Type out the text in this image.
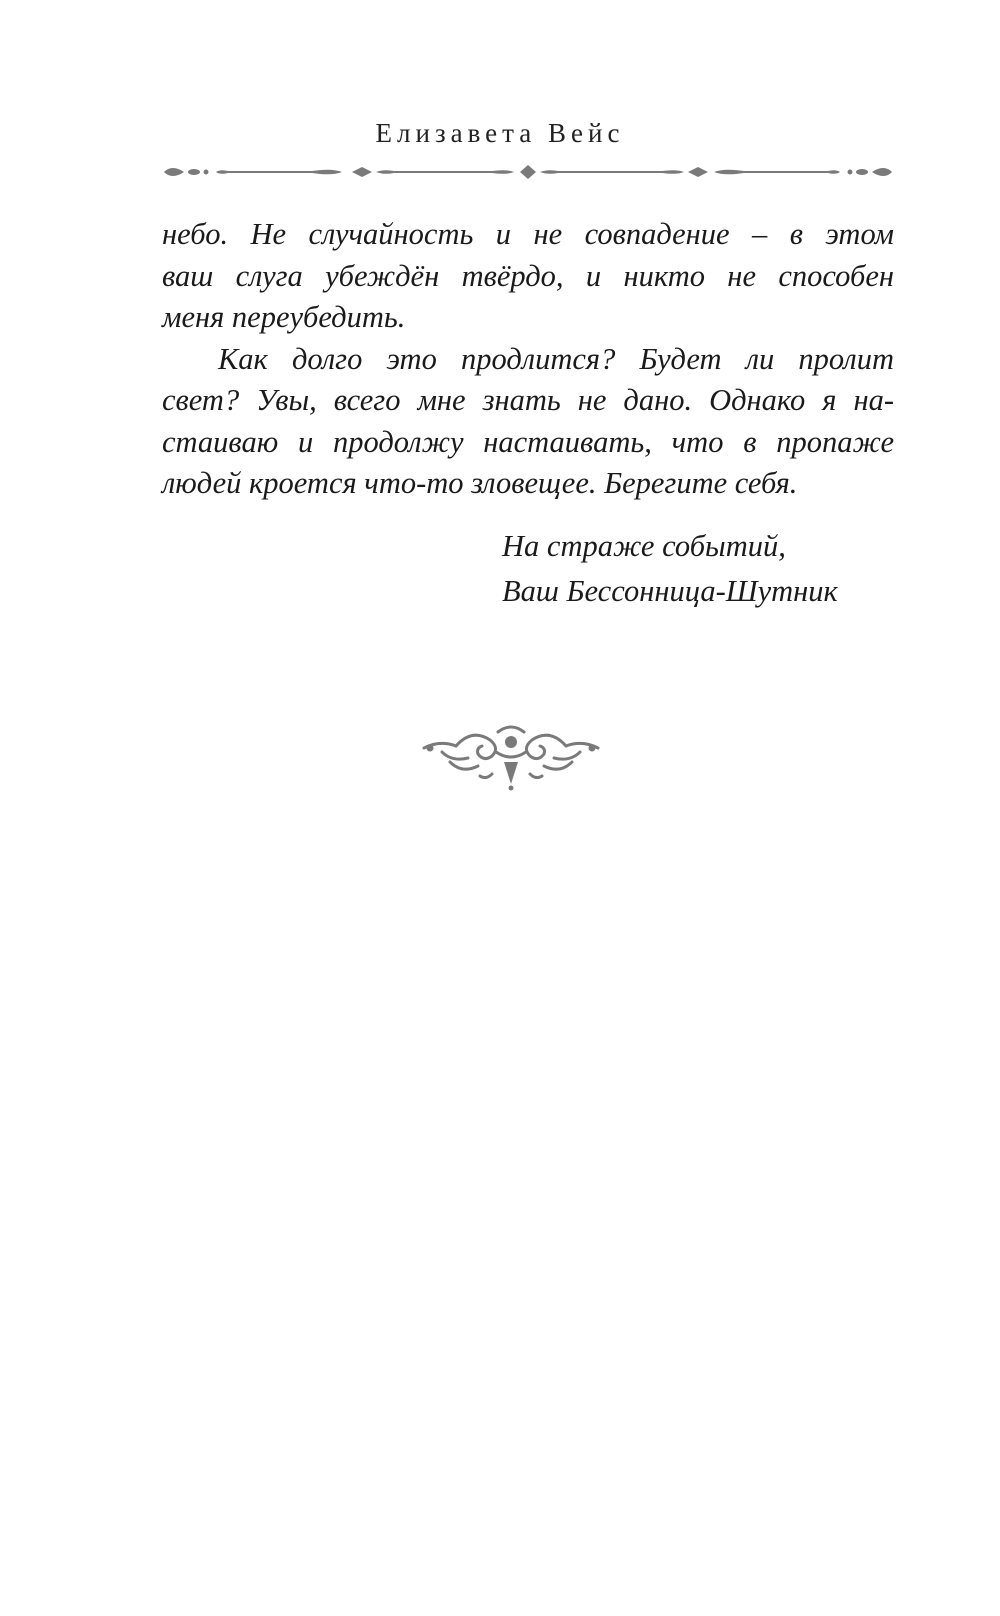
Елизавета Вейс
небо. Не случайность и не совпадение – в этом
ваш слуга убеждён твёрдо, и никто не способен
меня переубедить.
Как долго это продлится? Будет ли пролит
свет? Увы, всего мне знать не дано. Однако я на-
стаиваю и продолжу настаивать, что в пропаже
людей кроется что-то зловещее. Берегите себя.
На страже событий,
Ваш Бессонница-Шутник
